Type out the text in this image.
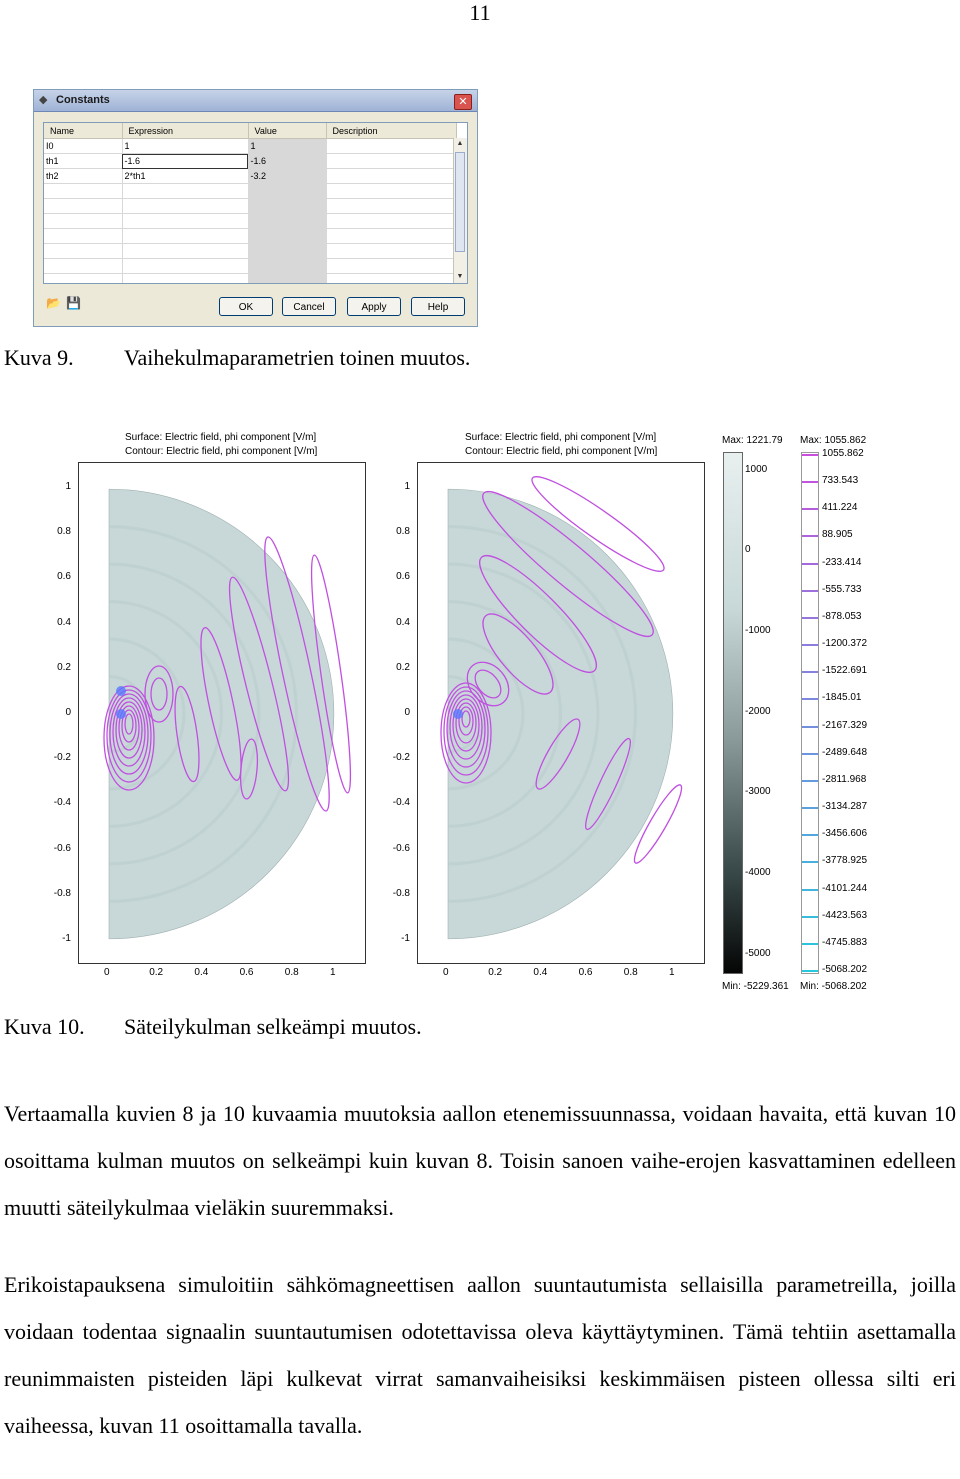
11
◆ Constants	✕
Name	Expression	Value	Description
I0	1	1	
th1	-1.6	-1.6	
th2	2*th1	-3.2	

▲
▼
📂 💾	OK	Cancel	Apply	Help
Kuva 9. Vaihekulmaparametrien toinen muutos.
Surface: Electric field, phi component [V/m]
Contour: Electric field, phi component [V/m]
1
0.8
0.6
0.4
0.2
0
-0.2
-0.4
-0.6
-0.8
-1
0	0.2	0.4	0.6	0.8	1
Surface: Electric field, phi component [V/m]
Contour: Electric field, phi component [V/m]
1
0.8
0.6
0.4
0.2
0
-0.2
-0.4
-0.6
-0.8
-1
0	0.2	0.4	0.6	0.8	1
Max: 1221.79
1000
0
-1000
-2000
-3000
-4000
-5000
Min: -5229.361
Max: 1055.862
1055.862
733.543
411.224
88.905
-233.414
-555.733
-878.053
-1200.372
-1522.691
-1845.01
-2167.329
-2489.648
-2811.968
-3134.287
-3456.606
-3778.925
-4101.244
-4423.563
-4745.883
-5068.202
Min: -5068.202
Kuva 10. Säteilykulman selkeämpi muutos.

Vertaamalla kuvien 8 ja 10 kuvaamia muutoksia aallon etenemissuunnassa, voidaan havaita, että kuvan 10 osoittama kulman muutos on selkeämpi kuin kuvan 8. Toisin sanoen vaihe-erojen kasvattaminen edelleen muutti säteilykulmaa vieläkin suuremmaksi.

Erikoistapauksena simuloitiin sähkömagneettisen aallon suuntautumista sellaisilla parametreilla, joilla voidaan todentaa signaalin suuntautumisen odotettavissa oleva käyttäytyminen. Tämä tehtiin asettamalla reunimmaisten pisteiden läpi kulkevat virrat samanvaiheisiksi keskimmäisen pisteen ollessa silti eri vaiheessa, kuvan 11 osoittamalla tavalla.
